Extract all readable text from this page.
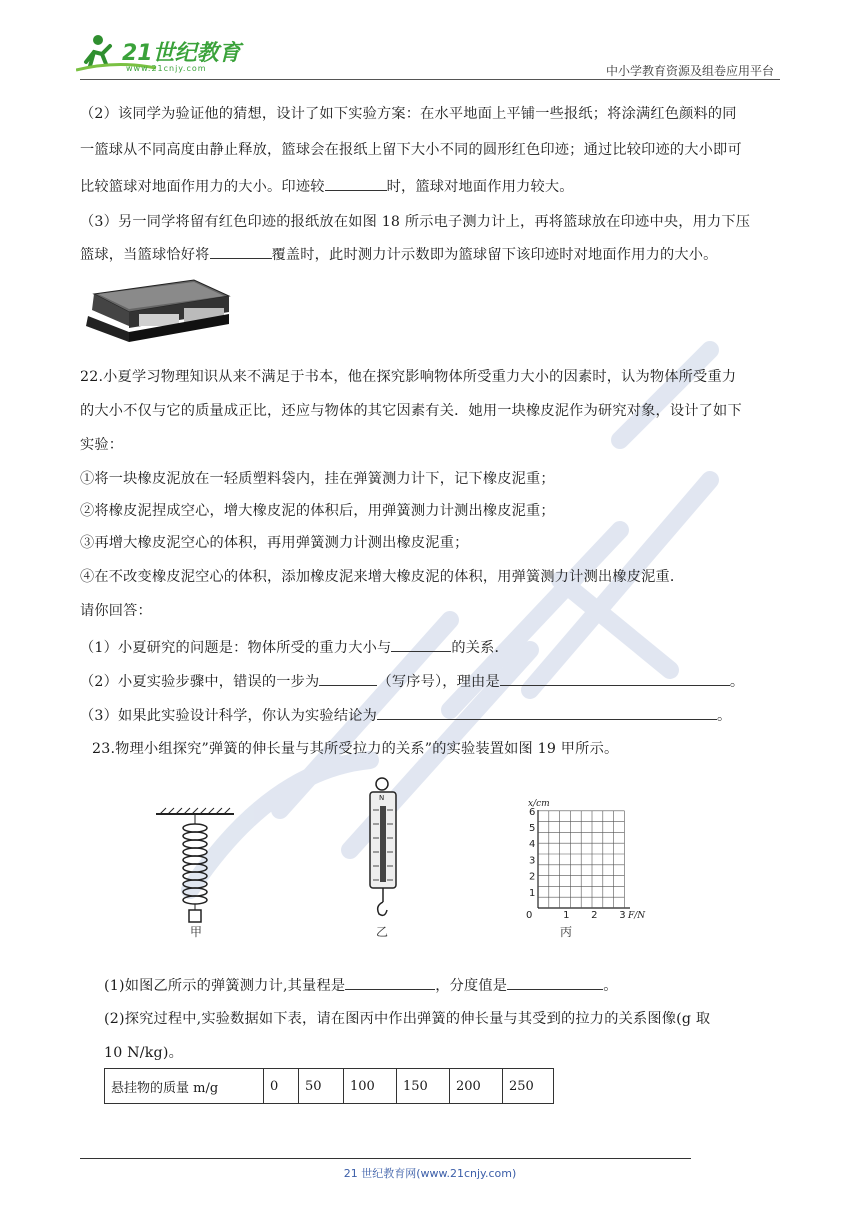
21世纪教育
www.21cnjy.com	中小学教育资源及组卷应用平台
（2）该同学为验证他的猜想，设计了如下实验方案：在水平地面上平铺一些报纸；将涂满红色颜料的同
一篮球从不同高度由静止释放，篮球会在报纸上留下大小不同的圆形红色印迹；通过比较印迹的大小即可
比较篮球对地面作用力的大小。印迹较	时，篮球对地面作用力较大。
（3）另一同学将留有红色印迹的报纸放在如图 18 所示电子测力计上，再将篮球放在印迹中央，用力下压
篮球，当篮球恰好将	覆盖时，此时测力计示数即为篮球留下该印迹时对地面作用力的大小。
22.小夏学习物理知识从来不满足于书本，他在探究影响物体所受重力大小的因素时，认为物体所受重力
的大小不仅与它的质量成正比，还应与物体的其它因素有关．她用一块橡皮泥作为研究对象，设计了如下
实验：
①将一块橡皮泥放在一轻质塑料袋内，挂在弹簧测力计下，记下橡皮泥重；
②将橡皮泥捏成空心，增大橡皮泥的体积后，用弹簧测力计测出橡皮泥重；
③再增大橡皮泥空心的体积，再用弹簧测力计测出橡皮泥重；
④在不改变橡皮泥空心的体积，添加橡皮泥来增大橡皮泥的体积，用弹簧测力计测出橡皮泥重．
请你回答：
（1）小夏研究的问题是：物体所受的重力大小与	的关系．
（2）小夏实验步骤中，错误的一步为	（写序号），理由是	。
（3）如果此实验设计科学，你认为实验结论为	。
23.物理小组探究”弹簧的伸长量与其所受拉力的关系”的实验装置如图 19 甲所示。
N
1
2
3
4
5
6
1 2 3
x/cm
F/N
0
甲	乙	丙
(1)如图乙所示的弹簧测力计,其量程是	，分度值是	。
(2)探究过程中,实验数据如下表，请在图丙中作出弹簧的伸长量与其受到的拉力的关系图像(g 取
10 N/kg)。
悬挂物的质量 m/g	0	50	100	150	200	250
21 世纪教育网(www.21cnjy.com)
